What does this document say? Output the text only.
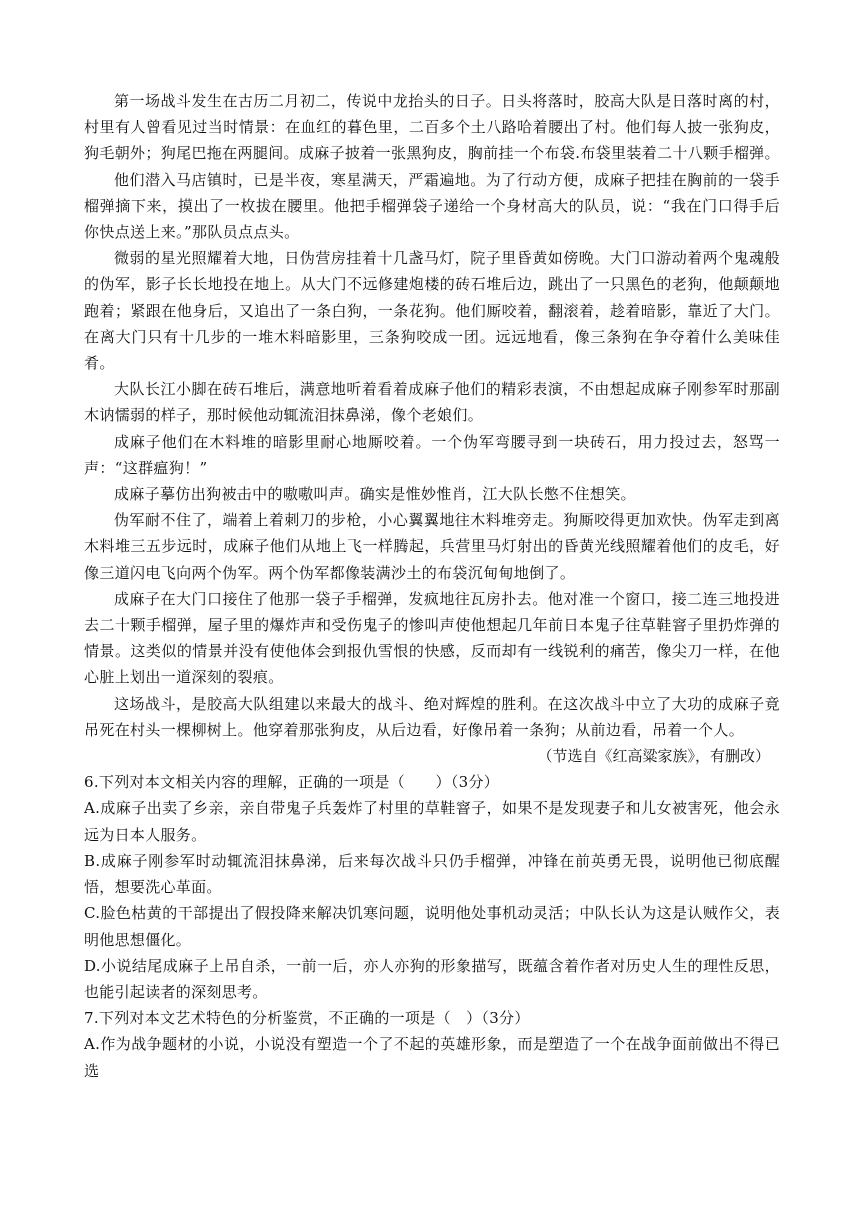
第一场战斗发生在古历二月初二，传说中龙抬头的日子。日头将落时，胶高大队是日落时离的村，村里有人曾看见过当时情景：在血红的暮色里，二百多个土八路哈着腰出了村。他们每人披一张狗皮，狗毛朝外；狗尾巴拖在两腿间。成麻子披着一张黑狗皮，胸前挂一个布袋.布袋里装着二十八颗手榴弹。

他们潜入马店镇时，已是半夜，寒星满天，严霜遍地。为了行动方便，成麻子把挂在胸前的一袋手榴弹摘下来，摸出了一枚拔在腰里。他把手榴弹袋子递给一个身材高大的队员，说：“我在门口得手后你快点送上来。”那队员点点头。

微弱的星光照耀着大地，日伪营房挂着十几盏马灯，院子里昏黄如傍晚。大门口游动着两个鬼魂般的伪军，影子长长地投在地上。从大门不远修建炮楼的砖石堆后边，跳出了一只黑色的老狗，他颠颠地跑着；紧跟在他身后，又追出了一条白狗，一条花狗。他们厮咬着，翻滚着，趁着暗影，靠近了大门。在离大门只有十几步的一堆木料暗影里，三条狗咬成一团。远远地看，像三条狗在争夺着什么美味佳肴。

大队长江小脚在砖石堆后，满意地听着看着成麻子他们的精彩表演，不由想起成麻子刚参军时那副木讷懦弱的样子，那时候他动辄流泪抹鼻涕，像个老娘们。

成麻子他们在木料堆的暗影里耐心地厮咬着。一个伪军弯腰寻到一块砖石，用力投过去，怒骂一声：“这群瘟狗！”

成麻子摹仿出狗被击中的嗷嗷叫声。确实是惟妙惟肖，江大队长憋不住想笑。

伪军耐不住了，端着上着刺刀的步枪，小心翼翼地往木料堆旁走。狗厮咬得更加欢快。伪军走到离木料堆三五步远时，成麻子他们从地上飞一样腾起，兵营里马灯射出的昏黄光线照耀着他们的皮毛，好像三道闪电飞向两个伪军。两个伪军都像装满沙土的布袋沉甸甸地倒了。

成麻子在大门口接住了他那一袋子手榴弹，发疯地往瓦房扑去。他对准一个窗口，接二连三地投进去二十颗手榴弹，屋子里的爆炸声和受伤鬼子的惨叫声使他想起几年前日本鬼子往草鞋窨子里扔炸弹的情景。这类似的情景并没有使他体会到报仇雪恨的快感，反而却有一线锐利的痛苦，像尖刀一样，在他心脏上划出一道深刻的裂痕。

这场战斗，是胶高大队组建以来最大的战斗、绝对辉煌的胜利。在这次战斗中立了大功的成麻子竟吊死在村头一棵柳树上。他穿着那张狗皮，从后边看，好像吊着一条狗；从前边看，吊着一个人。

（节选自《红高粱家族》，有删改）

6.下列对本文相关内容的理解，正确的一项是（　　）（3分）

A.成麻子出卖了乡亲，亲自带鬼子兵轰炸了村里的草鞋窨子，如果不是发现妻子和儿女被害死，他会永远为日本人服务。

B.成麻子刚参军时动辄流泪抹鼻涕，后来每次战斗只仍手榴弹，冲锋在前英勇无畏，说明他已彻底醒悟，想要洗心革面。

C.脸色枯黄的干部提出了假投降来解决饥寒问题，说明他处事机动灵活；中队长认为这是认贼作父，表明他思想僵化。

D.小说结尾成麻子上吊自杀，一前一后，亦人亦狗的形象描写，既蕴含着作者对历史人生的理性反思，也能引起读者的深刻思考。

7.下列对本文艺术特色的分析鉴赏，不正确的一项是（　）（3分）

A.作为战争题材的小说，小说没有塑造一个了不起的英雄形象，而是塑造了一个在战争面前做出不得已选
